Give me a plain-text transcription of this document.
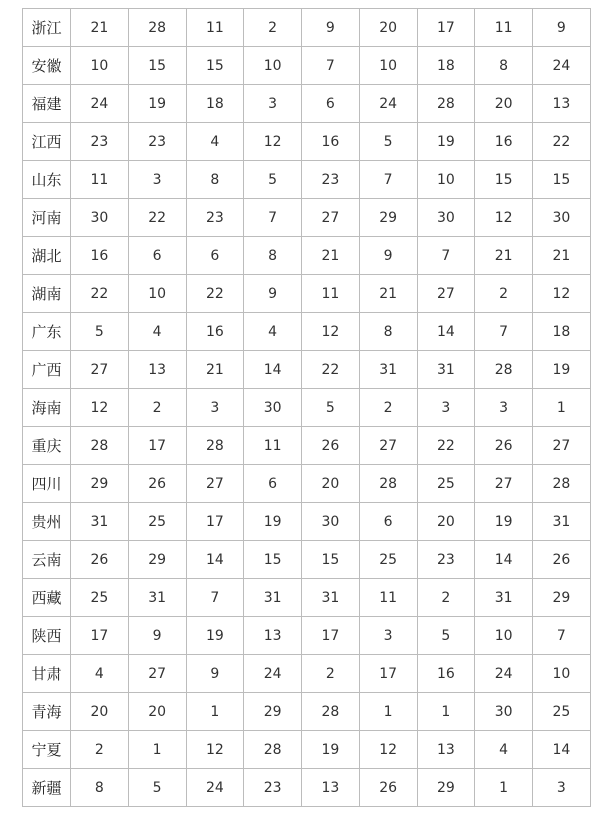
浙江	21	28	11	2	9	20	17	11	9
安徽	10	15	15	10	7	10	18	8	24
福建	24	19	18	3	6	24	28	20	13
江西	23	23	4	12	16	5	19	16	22
山东	11	3	8	5	23	7	10	15	15
河南	30	22	23	7	27	29	30	12	30
湖北	16	6	6	8	21	9	7	21	21
湖南	22	10	22	9	11	21	27	2	12
广东	5	4	16	4	12	8	14	7	18
广西	27	13	21	14	22	31	31	28	19
海南	12	2	3	30	5	2	3	3	1
重庆	28	17	28	11	26	27	22	26	27
四川	29	26	27	6	20	28	25	27	28
贵州	31	25	17	19	30	6	20	19	31
云南	26	29	14	15	15	25	23	14	26
西藏	25	31	7	31	31	11	2	31	29
陕西	17	9	19	13	17	3	5	10	7
甘肃	4	27	9	24	2	17	16	24	10
青海	20	20	1	29	28	1	1	30	25
宁夏	2	1	12	28	19	12	13	4	14
新疆	8	5	24	23	13	26	29	1	3
